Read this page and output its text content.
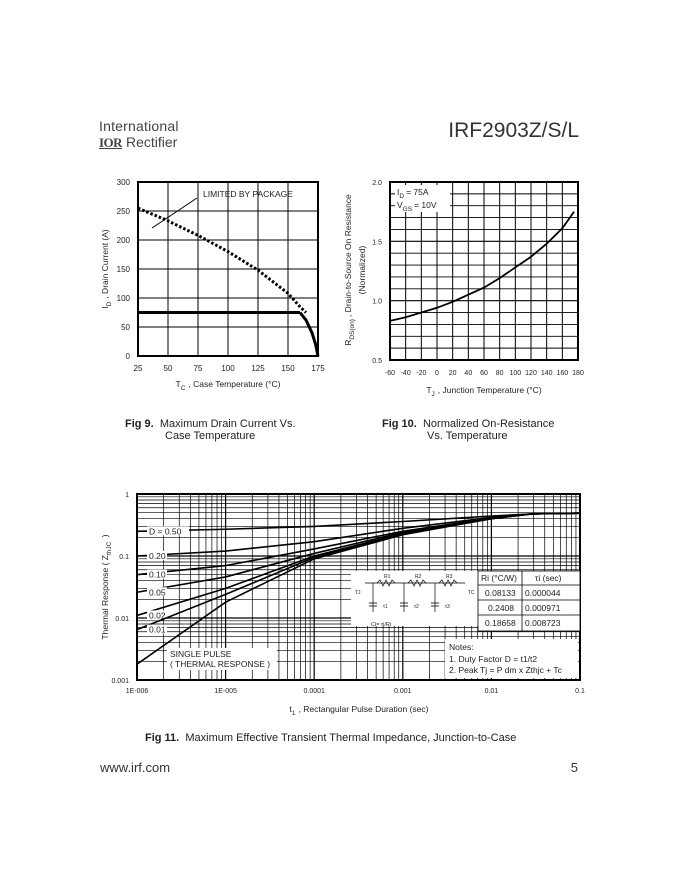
International
IOR Rectifier	IRF2903Z/S/L
25	50	75 100 125 150 175
0
50
100
150
200
250
300
LIMITED BY PACKAGE
$T_C$ , Case Temperature (°C)
$I_D$, Drain Current (A)
Fig 9. Maximum Drain Current Vs.
Case Temperature
-60 -40 -20 0 20 40 60 80 100 120 140 160 180
0.5
1.0
1.5
2.0
$I_D = 75A$
$V_{GS} = 10V$
$T_J$ , Junction Temperature (°C)
$R_{DS(on)}$, Drain-to-Source On Resistance (Normalized)
Fig 10. Normalized On-Resistance
Vs. Temperature
D = 0.50
0.20
0.10
0.05
0.02
0.01
1E-006	1E-005	0.0001	0.001	0.01	0.1
0.001
0.01
0.1
1
TJ	TC
R1
τ1
R2
τ2
R3
τ3
Ci= τi/Ri
Ri (°C/W) τi (sec)
0.08133 0.000044
0.2408 0.000971
0.18658 0.008723
Notes:
1. Duty Factor D = t1/t2
2. Peak Tj = P dm x Zthjc + Tc
SINGLE PULSE
( THERMAL RESPONSE )
$t_1$ , Rectangular Pulse Duration (sec)
Thermal Response ( $Z_{thJC}$ )
Fig 11. Maximum Effective Transient Thermal Impedance, Junction-to-Case
www.irf.com	5
